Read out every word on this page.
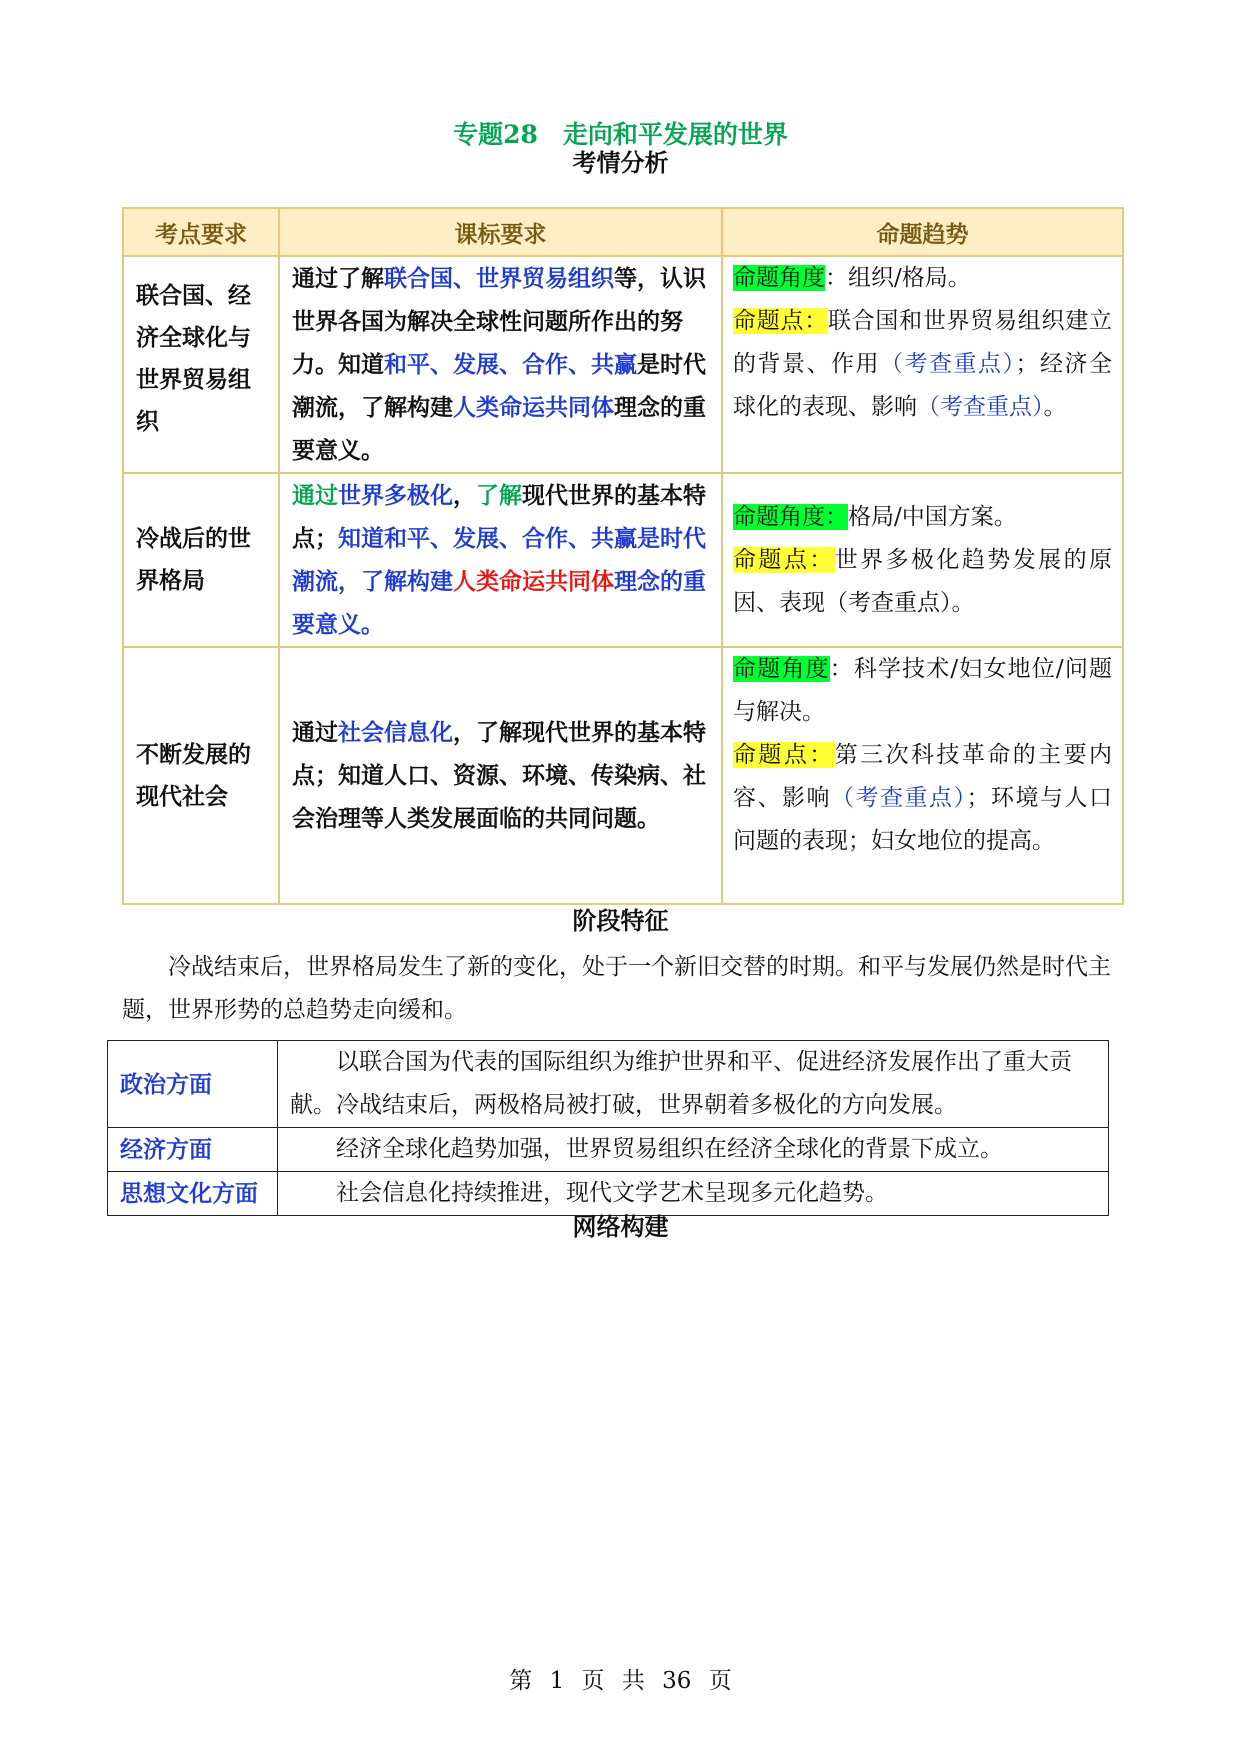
专题28　走向和平发展的世界
考情分析
考点要求	课标要求	命题趋势
联合国、经济全球化与世界贸易组织	通过了解联合国、世界贸易组织等，认识世界各国为解决全球性问题所作出的努力。知道和平、发展、合作、共赢是时代潮流，了解构建人类命运共同体理念的重要意义。	命题角度：组织/格局。
命题点：联合国和世界贸易组织建立的背景、作用（考查重点）；经济全球化的表现、影响（考查重点）。

冷战后的世界格局	通过世界多极化，了解现代世界的基本特点；知道和平、发展、合作、共赢是时代潮流，了解构建人类命运共同体理念的重要意义。	命题角度：格局/中国方案。
命题点：世界多极化趋势发展的原因、表现（考查重点）。

不断发展的现代社会	通过社会信息化，了解现代世界的基本特点；知道人口、资源、环境、传染病、社会治理等人类发展面临的共同问题。	命题角度：科学技术/妇女地位/问题与解决。
命题点：第三次科技革命的主要内容、影响（考查重点）；环境与人口问题的表现；妇女地位的提高。
阶段特征
冷战结束后，世界格局发生了新的变化，处于一个新旧交替的时期。和平与发展仍然是时代主题，世界形势的总趋势走向缓和。
政治方面	以联合国为代表的国际组织为维护世界和平、促进经济发展作出了重大贡献。冷战结束后，两极格局被打破，世界朝着多极化的方向发展。
经济方面	经济全球化趋势加强，世界贸易组织在经济全球化的背景下成立。
思想文化方面	社会信息化持续推进，现代文学艺术呈现多元化趋势。
网络构建
第 1 页 共 36 页
